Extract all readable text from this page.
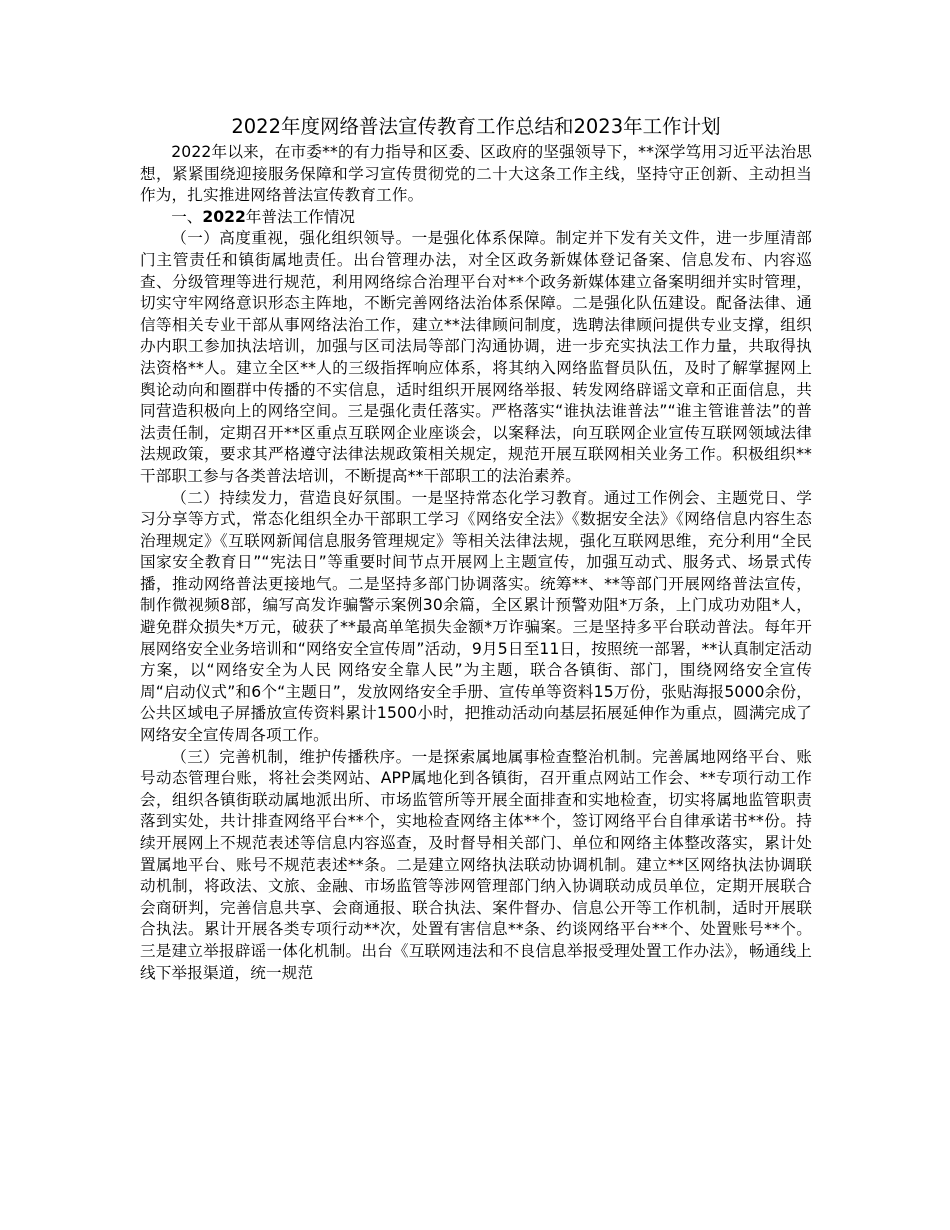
2022年度网络普法宣传教育工作总结和2023年工作计划

2022年以来，在市委**的有力指导和区委、区政府的坚强领导下，**深学笃用习近平法治思想，紧紧围绕迎接服务保障和学习宣传贯彻党的二十大这条工作主线，坚持守正创新、主动担当作为，扎实推进网络普法宣传教育工作。

一、2022年普法工作情况

（一）高度重视，强化组织领导。一是强化体系保障。制定并下发有关文件，进一步厘清部门主管责任和镇街属地责任。出台管理办法，对全区政务新媒体登记备案、信息发布、内容巡查、分级管理等进行规范，利用网络综合治理平台对**个政务新媒体建立备案明细并实时管理，切实守牢网络意识形态主阵地，不断完善网络法治体系保障。二是强化队伍建设。配备法律、通信等相关专业干部从事网络法治工作，建立**法律顾问制度，选聘法律顾问提供专业支撑，组织办内职工参加执法培训，加强与区司法局等部门沟通协调，进一步充实执法工作力量，共取得执法资格**人。建立全区**人的三级指挥响应体系，将其纳入网络监督员队伍，及时了解掌握网上舆论动向和圈群中传播的不实信息，适时组织开展网络举报、转发网络辟谣文章和正面信息，共同营造积极向上的网络空间。三是强化责任落实。严格落实“谁执法谁普法”“谁主管谁普法”的普法责任制，定期召开**区重点互联网企业座谈会，以案释法，向互联网企业宣传互联网领域法律法规政策，要求其严格遵守法律法规政策相关规定，规范开展互联网相关业务工作。积极组织**干部职工参与各类普法培训，不断提高**干部职工的法治素养。

（二）持续发力，营造良好氛围。一是坚持常态化学习教育。通过工作例会、主题党日、学习分享等方式，常态化组织全办干部职工学习《网络安全法》《数据安全法》《网络信息内容生态治理规定》《互联网新闻信息服务管理规定》等相关法律法规，强化互联网思维，充分利用“全民国家安全教育日”“宪法日”等重要时间节点开展网上主题宣传，加强互动式、服务式、场景式传播，推动网络普法更接地气。二是坚持多部门协调落实。统筹**、**等部门开展网络普法宣传，制作微视频8部，编写高发诈骗警示案例30余篇，全区累计预警劝阻*万条，上门成功劝阻*人，避免群众损失*万元，破获了**最高单笔损失金额*万诈骗案。三是坚持多平台联动普法。每年开展网络安全业务培训和“网络安全宣传周”活动，9月5日至11日，按照统一部署，**认真制定活动方案，以“网络安全为人民 网络安全靠人民”为主题，联合各镇街、部门，围绕网络安全宣传周“启动仪式”和6个“主题日”，发放网络安全手册、宣传单等资料15万份，张贴海报5000余份，公共区域电子屏播放宣传资料累计1500小时，把推动活动向基层拓展延伸作为重点，圆满完成了网络安全宣传周各项工作。

（三）完善机制，维护传播秩序。一是探索属地属事检查整治机制。完善属地网络平台、账号动态管理台账，将社会类网站、APP属地化到各镇街，召开重点网站工作会、**专项行动工作会，组织各镇街联动属地派出所、市场监管所等开展全面排查和实地检查，切实将属地监管职责落到实处，共计排查网络平台**个，实地检查网络主体**个，签订网络平台自律承诺书**份。持续开展网上不规范表述等信息内容巡查，及时督导相关部门、单位和网络主体整改落实，累计处置属地平台、账号不规范表述**条。二是建立网络执法联动协调机制。建立**区网络执法协调联动机制，将政法、文旅、金融、市场监管等涉网管理部门纳入协调联动成员单位，定期开展联合会商研判，完善信息共享、会商通报、联合执法、案件督办、信息公开等工作机制，适时开展联合执法。累计开展各类专项行动**次，处置有害信息**条、约谈网络平台**个、处置账号**个。三是建立举报辟谣一体化机制。出台《互联网违法和不良信息举报受理处置工作办法》，畅通线上线下举报渠道，统一规范
